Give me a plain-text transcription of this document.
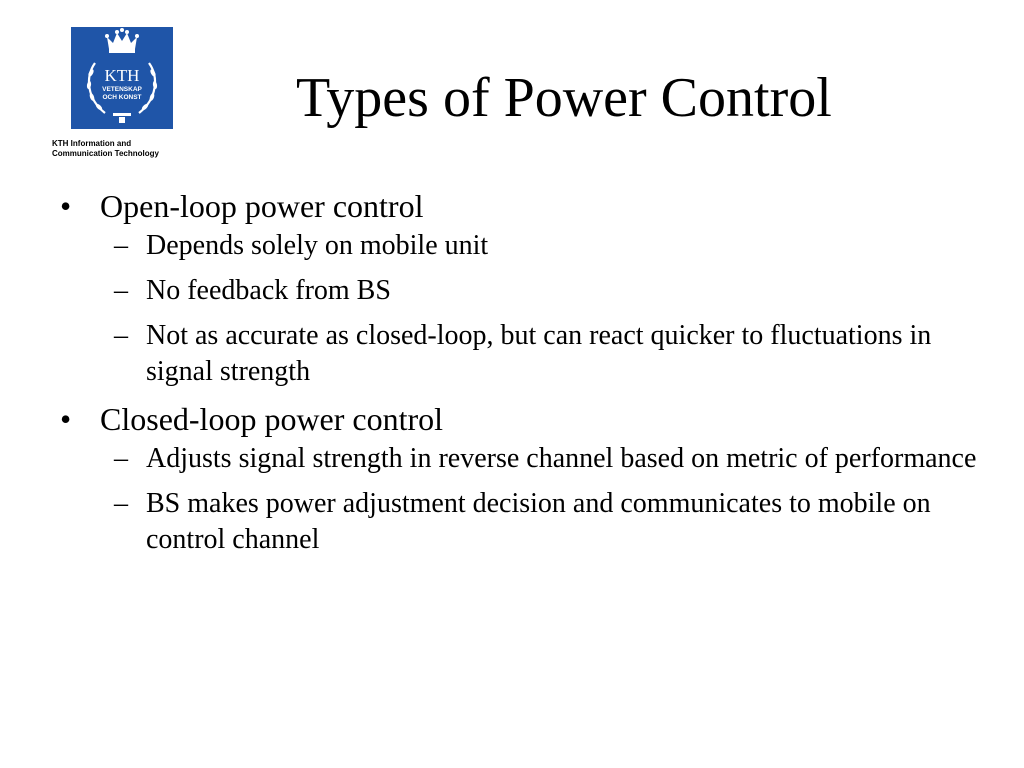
KTH
VETENSKAP
OCH KONST
KTH Information and
Communication Technology
Types of Power Control
• Open-loop power control
– Depends solely on mobile unit
– No feedback from BS
– Not as accurate as closed-loop, but can react quicker to fluctuations in signal strength
• Closed-loop power control
– Adjusts signal strength in reverse channel based on metric of performance
– BS makes power adjustment decision and communicates to mobile on control channel
